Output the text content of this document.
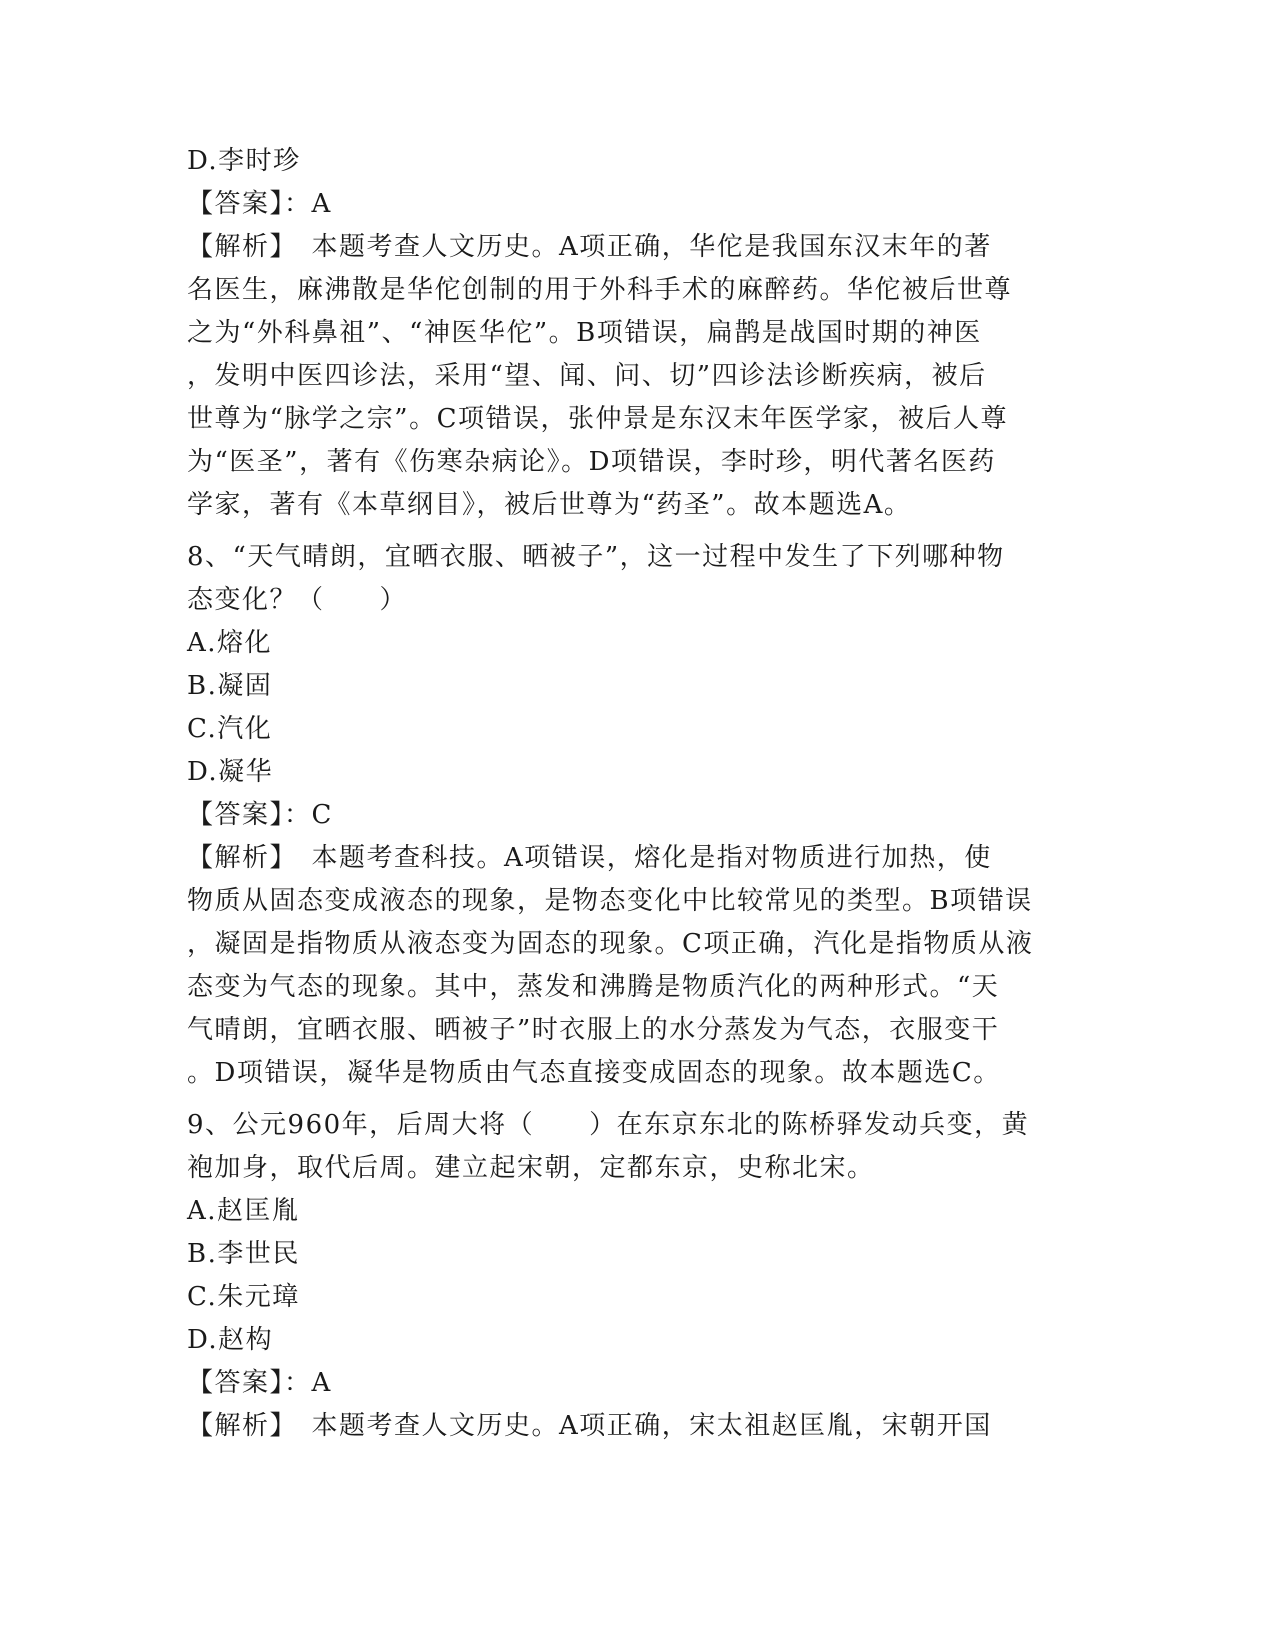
D.李时珍
【答案】：A
【解析】　本题考查人文历史。A项正确，华佗是我国东汉末年的著
名医生，麻沸散是华佗创制的用于外科手术的麻醉药。华佗被后世尊
之为“外科鼻祖”、“神医华佗”。B项错误，扁鹊是战国时期的神医
，发明中医四诊法，采用“望、闻、问、切”四诊法诊断疾病，被后
世尊为“脉学之宗”。C项错误，张仲景是东汉末年医学家，被后人尊
为“医圣”，著有《伤寒杂病论》。D项错误，李时珍，明代著名医药
学家，著有《本草纲目》，被后世尊为“药圣”。故本题选A。
8、“天气晴朗，宜晒衣服、晒被子”，这一过程中发生了下列哪种物
态变化？（　　）
A.熔化
B.凝固
C.汽化
D.凝华
【答案】：C
【解析】　本题考查科技。A项错误，熔化是指对物质进行加热，使
物质从固态变成液态的现象，是物态变化中比较常见的类型。B项错误
，凝固是指物质从液态变为固态的现象。C项正确，汽化是指物质从液
态变为气态的现象。其中，蒸发和沸腾是物质汽化的两种形式。“天
气晴朗，宜晒衣服、晒被子”时衣服上的水分蒸发为气态，衣服变干
。D项错误，凝华是物质由气态直接变成固态的现象。故本题选C。
9、公元960年，后周大将（　　）在东京东北的陈桥驿发动兵变，黄
袍加身，取代后周。建立起宋朝，定都东京，史称北宋。
A.赵匡胤
B.李世民
C.朱元璋
D.赵构
【答案】：A
【解析】　本题考查人文历史。A项正确，宋太祖赵匡胤，宋朝开国
